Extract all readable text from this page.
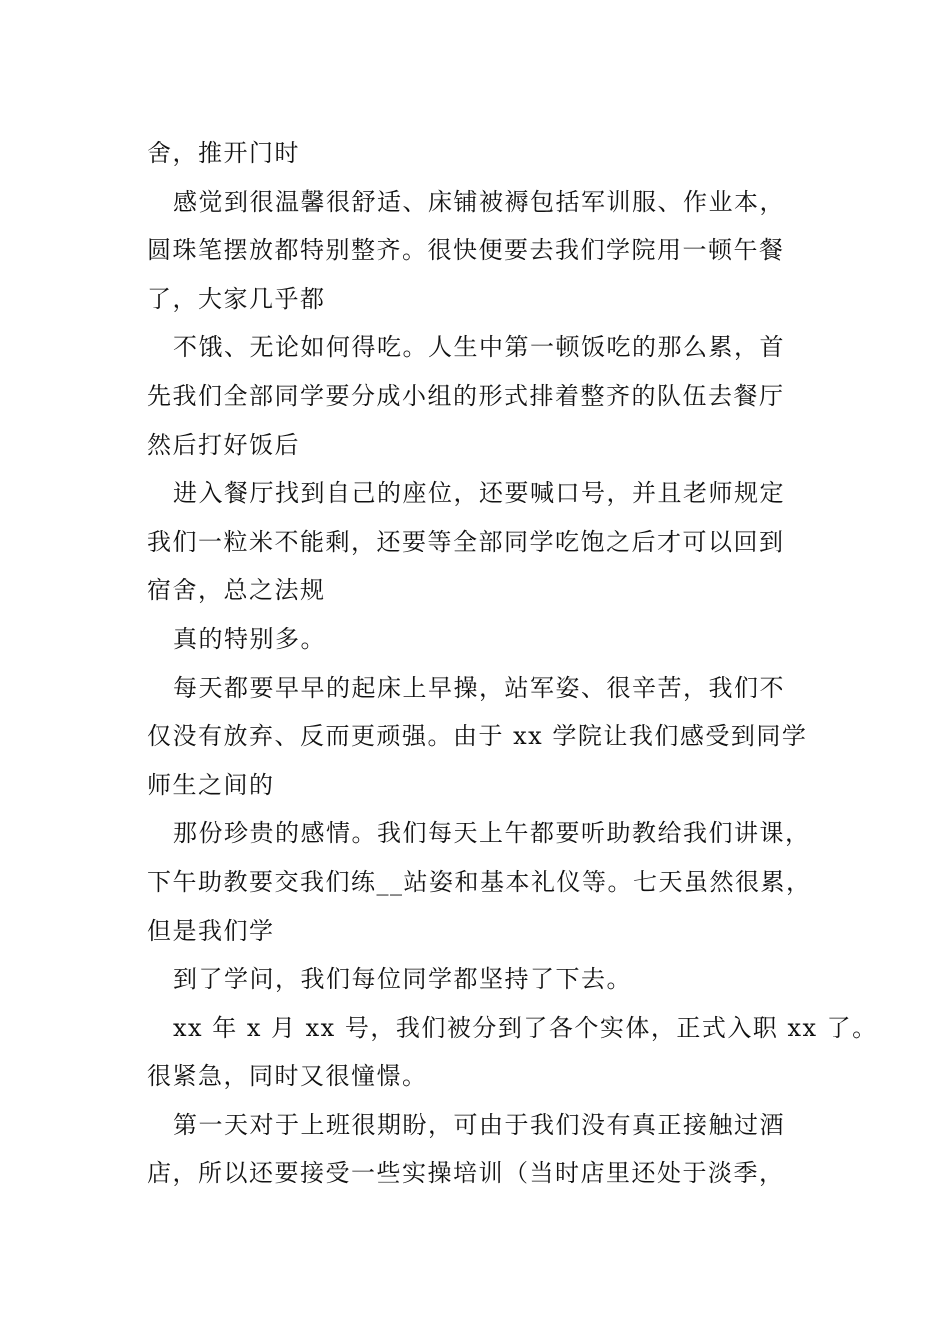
舍，推开门时
感觉到很温馨很舒适、床铺被褥包括军训服、作业本，
圆珠笔摆放都特别整齐。很快便要去我们学院用一顿午餐
了，大家几乎都
不饿、无论如何得吃。人生中第一顿饭吃的那么累，首
先我们全部同学要分成小组的形式排着整齐的队伍去餐厅
然后打好饭后
进入餐厅找到自己的座位，还要喊口号，并且老师规定
我们一粒米不能剩，还要等全部同学吃饱之后才可以回到
宿舍，总之法规
真的特别多。
每天都要早早的起床上早操，站军姿、很辛苦，我们不
仅没有放弃、反而更顽强。由于 xx 学院让我们感受到同学
师生之间的
那份珍贵的感情。我们每天上午都要听助教给我们讲课，
下午助教要交我们练__站姿和基本礼仪等。七天虽然很累，
但是我们学
到了学问，我们每位同学都坚持了下去。
xx 年 x 月 xx 号，我们被分到了各个实体，正式入职 xx 了。
很紧急，同时又很憧憬。
第一天对于上班很期盼，可由于我们没有真正接触过酒
店，所以还要接受一些实操培训（当时店里还处于淡季，
